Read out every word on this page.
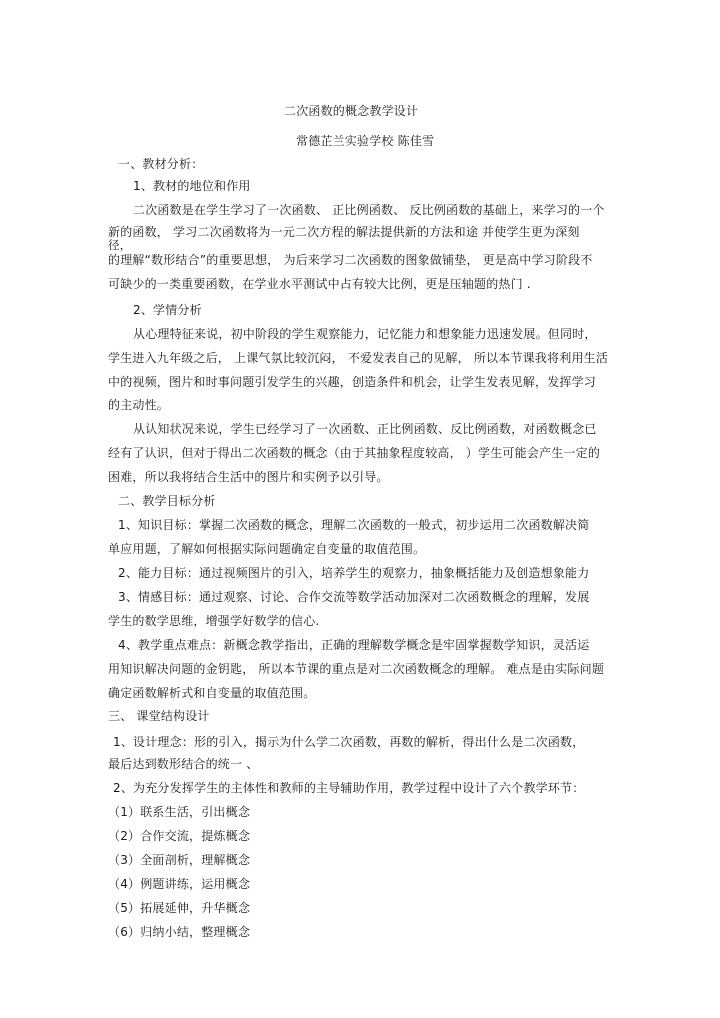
二次函数的概念教学设计
常德芷兰实验学校 陈佳雪
一、教材分析：
1、教材的地位和作用
二次函数是在学生学习了一次函数、 正比例函数、 反比例函数的基础上，来学习的一个
新的函数， 学习二次函数将为一元二次方程的解法提供新的方法和途 并使学生更为深刻
径，
的理解“数形结合”的重要思想， 为后来学习二次函数的图象做铺垫， 更是高中学习阶段不
可缺少的一类重要函数，在学业水平测试中占有较大比例，更是压轴题的热门 .
2、学情分析
从心理特征来说，初中阶段的学生观察能力，记忆能力和想象能力迅速发展。但同时，
学生进入九年级之后， 上课气氛比较沉闷， 不爱发表自己的见解， 所以本节课我将利用生活
中的视频，图片和时事问题引发学生的兴趣，创造条件和机会，让学生发表见解，发挥学习
的主动性。
从认知状况来说，学生已经学习了一次函数、正比例函数、反比例函数，对函数概念已
经有了认识，但对于得出二次函数的概念（由于其抽象程度较高， ）学生可能会产生一定的
困难，所以我将结合生活中的图片和实例予以引导。
二、教学目标分析
1、知识目标：掌握二次函数的概念，理解二次函数的一般式，初步运用二次函数解决简
单应用题，了解如何根据实际问题确定自变量的取值范围。
2、能力目标：通过视频图片的引入，培养学生的观察力，抽象概括能力及创造想象能力
3、情感目标：通过观察、讨论、合作交流等数学活动加深对二次函数概念的理解，发展
学生的数学思维，增强学好数学的信心.
4、教学重点难点：新概念教学指出，正确的理解数学概念是牢固掌握数学知识，灵活运
用知识解决问题的金钥匙， 所以本节课的重点是对二次函数概念的理解。 难点是由实际问题
确定函数解析式和自变量的取值范围。
三、 课堂结构设计
1、设计理念：形的引入，揭示为什么学二次函数，再数的解析，得出什么是二次函数，
最后达到数形结合的统一 、
2、为充分发挥学生的主体性和教师的主导辅助作用，教学过程中设计了六个教学环节：
（1）联系生活，引出概念
（2）合作交流，提炼概念
（3）全面剖析，理解概念
（4）例题讲练，运用概念
（5）拓展延伸，升华概念
（6）归纳小结，整理概念
